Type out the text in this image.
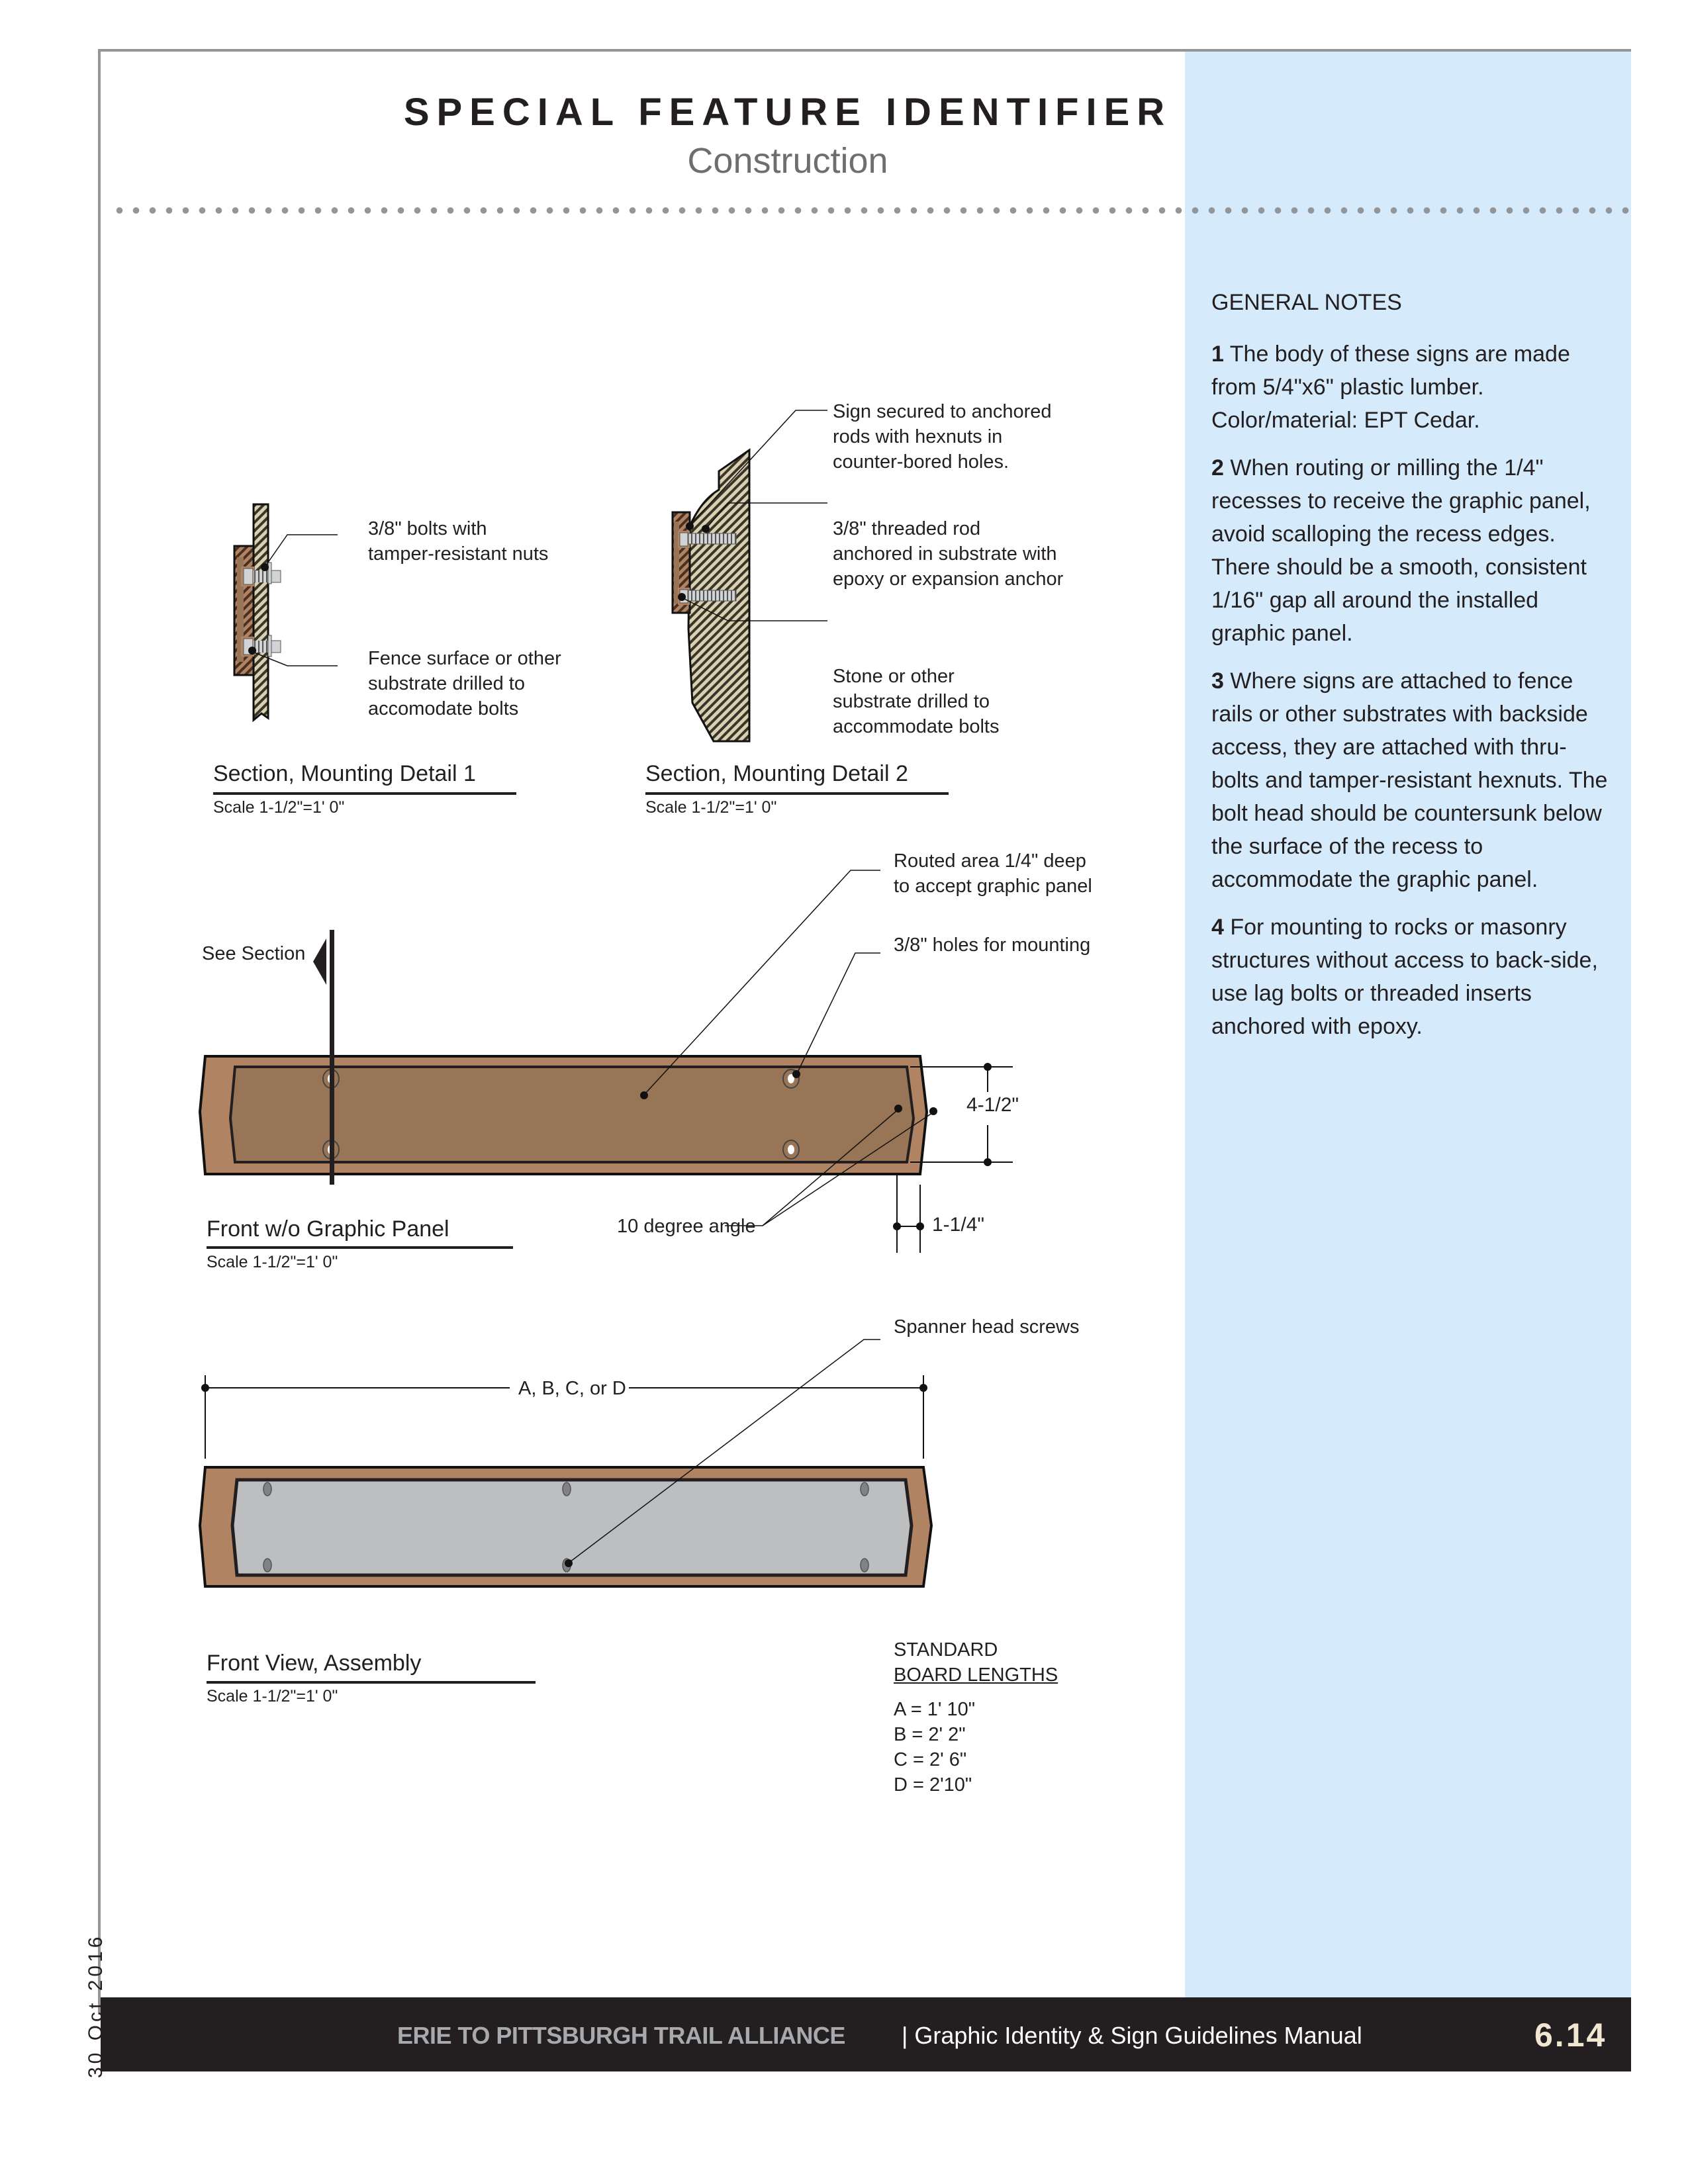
SPECIAL FEATURE IDENTIFIER
Construction
3/8" bolts with
tamper-resistant nuts
Fence surface or other
substrate drilled to
accomodate bolts
Section, Mounting Detail 1
Scale 1-1/2"=1' 0"
Sign secured to anchored
rods with hexnuts in
counter-bored holes.
3/8" threaded rod
anchored in substrate with
epoxy or expansion anchor
Stone or other
substrate drilled to
accommodate bolts
Section, Mounting Detail 2
Scale 1-1/2"=1' 0"
See Section
Routed area 1/4" deep
to accept graphic panel
3/8" holes for mounting
10 degree angle
4-1/2"
1-1/4"
Front w/o Graphic Panel
Scale 1-1/2"=1' 0"
Spanner head screws
A, B, C, or D
Front View, Assembly
Scale 1-1/2"=1' 0"
STANDARD
BOARD LENGTHS
A = 1' 10"
B = 2' 2"
C = 2' 6"
D = 2'10"
GENERAL NOTES

1 The body of these signs are made from 5/4"x6" plastic lumber. Color/material: EPT Cedar.

2 When routing or milling the 1/4" recesses to receive the graphic panel, avoid scalloping the recess edges. There should be a smooth, consistent 1/16" gap all around the installed graphic panel.

3 Where signs are attached to fence rails or other substrates with backside access, they are attached with thru-bolts and tamper-resistant hexnuts. The bolt head should be countersunk below the surface of the recess to accommodate the graphic panel.

4 For mounting to rocks or masonry structures without access to back-side, use lag bolts or threaded inserts anchored with epoxy.

ERIE TO PITTSBURGH TRAIL ALLIANCE | Graphic Identity & Sign Guidelines Manual	6.14
30 Oct 2016
